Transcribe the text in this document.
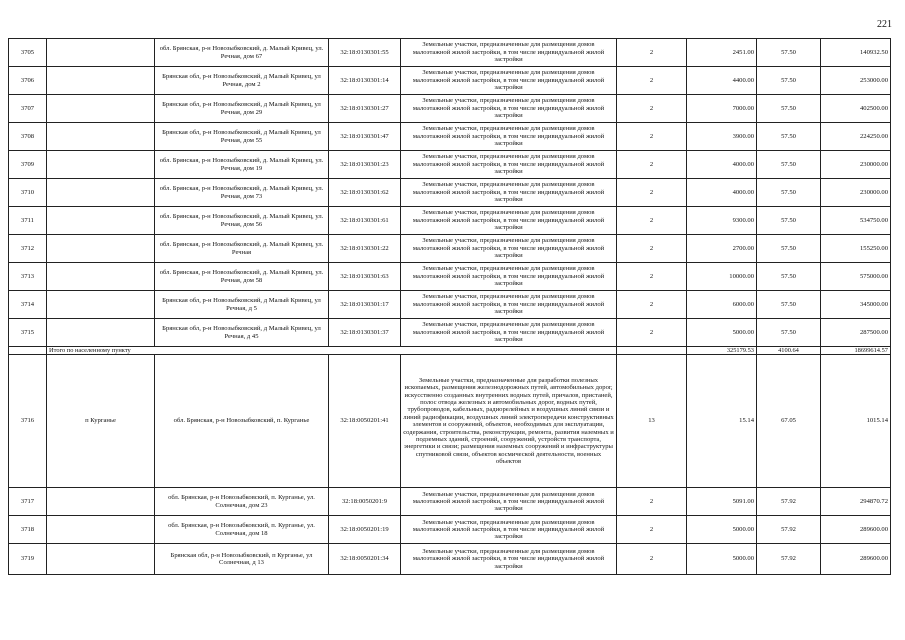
221
3705		обл. Брянская, р-н Новозыбковский, д. Малый Кривец, ул. Речная, дом 67	32:18:0130301:55	Земельные участки, предназначенные для размещения домов малоэтажной жилой застройки, в том числе индивидуальной жилой застройки	2	2451.00	57.50	140932.50
3706		Брянская обл, р-н Новозыбковский, д Малый Кривец, ул Речная, дом 2	32:18:0130301:14	Земельные участки, предназначенные для размещения домов малоэтажной жилой застройки, в том числе индивидуальной жилой застройки	2	4400.00	57.50	253000.00
3707		Брянская обл, р-н Новозыбковский, д Малый Кривец, ул Речная, дом 29	32:18:0130301:27	Земельные участки, предназначенные для размещения домов малоэтажной жилой застройки, в том числе индивидуальной жилой застройки	2	7000.00	57.50	402500.00
3708		Брянская обл, р-н Новозыбковский, д Малый Кривец, ул Речная, дом 55	32:18:0130301:47	Земельные участки, предназначенные для размещения домов малоэтажной жилой застройки, в том числе индивидуальной жилой застройки	2	3900.00	57.50	224250.00
3709		обл. Брянская, р-н Новозыбковский, д. Малый Кривец, ул. Речная, дом 19	32:18:0130301:23	Земельные участки, предназначенные для размещения домов малоэтажной жилой застройки, в том числе индивидуальной жилой застройки	2	4000.00	57.50	230000.00
3710		обл. Брянская, р-н Новозыбковский, д. Малый Кривец, ул. Речная, дом 73	32:18:0130301:62	Земельные участки, предназначенные для размещения домов малоэтажной жилой застройки, в том числе индивидуальной жилой застройки	2	4000.00	57.50	230000.00
3711		обл. Брянская, р-н Новозыбковский, д. Малый Кривец, ул. Речная, дом 56	32:18:0130301:61	Земельные участки, предназначенные для размещения домов малоэтажной жилой застройки, в том числе индивидуальной жилой застройки	2	9300.00	57.50	534750.00
3712		обл. Брянская, р-н Новозыбковский, д. Малый Кривец, ул. Речная	32:18:0130301:22	Земельные участки, предназначенные для размещения домов малоэтажной жилой застройки, в том числе индивидуальной жилой застройки	2	2700.00	57.50	155250.00
3713		обл. Брянская, р-н Новозыбковский, д. Малый Кривец, ул. Речная, дом 58	32:18:0130301:63	Земельные участки, предназначенные для размещения домов малоэтажной жилой застройки, в том числе индивидуальной жилой застройки	2	10000.00	57.50	575000.00
3714		Брянская обл, р-н Новозыбковский, д Малый Кривец, ул Речная, д 5	32:18:0130301:17	Земельные участки, предназначенные для размещения домов малоэтажной жилой застройки, в том числе индивидуальной жилой застройки	2	6000.00	57.50	345000.00
3715		Брянская обл, р-н Новозыбковский, д Малый Кривец, ул Речная, д 45	32:18:0130301:37	Земельные участки, предназначенные для размещения домов малоэтажной жилой застройки, в том числе индивидуальной жилой застройки	2	5000.00	57.50	287500.00
	Итого по населенному пункту					325179.53	4100.64	18699614.57
3716	п Курганье	обл. Брянская, р-н Новозыбковский, п. Курганье	32:18:0050201:41	Земельные участки, предназначенные для разработки полезных ископаемых, размещения железнодорожных путей, автомобильных дорог, искусственно созданных внутренних водных путей, причалов, пристаней, полос отвода железных и автомобильных дорог, водных путей, трубопроводов, кабельных, радиорелейных и воздушных линий связи и линий радиофикации, воздушных линий электропередачи конструктивных элементов и сооружений, объектов, необходимых для эксплуатации, содержания, строительства, реконструкции, ремонта, развития наземных и подземных зданий, строений, сооружений, устройств транспорта, энергетики и связи; размещения наземных сооружений и инфраструктуры спутниковой связи, объектов космической деятельности, военных объектов	13	15.14	67.05	1015.14
3717		обл. Брянская, р-н Новозыбковский, п. Курганье, ул. Солнечная, дом 23	32:18:0050201:9	Земельные участки, предназначенные для размещения домов малоэтажной жилой застройки, в том числе индивидуальной жилой застройки	2	5091.00	57.92	294870.72
3718		обл. Брянская, р-н Новозыбковский, п. Курганье, ул. Солнечная, дом 18	32:18:0050201:19	Земельные участки, предназначенные для размещения домов малоэтажной жилой застройки, в том числе индивидуальной жилой застройки	2	5000.00	57.92	289600.00
3719		Брянская обл, р-н Новозыбковский, п Курганье, ул Солнечная, д 13	32:18:0050201:34	Земельные участки, предназначенные для размещения домов малоэтажной жилой застройки, в том числе индивидуальной жилой застройки	2	5000.00	57.92	289600.00
